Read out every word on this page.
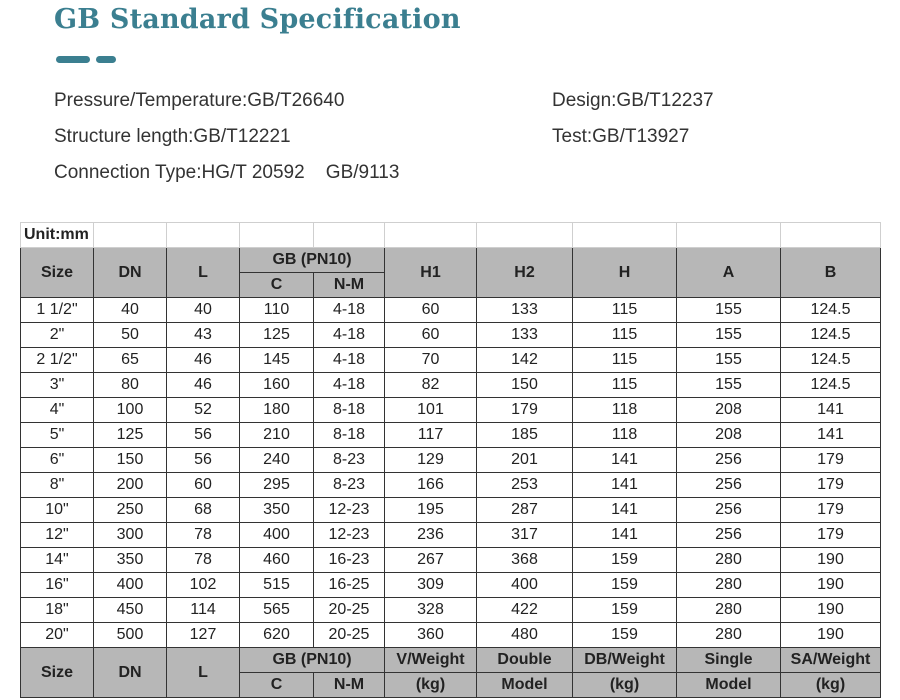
GB Standard Specification
Pressure/Temperature:GB/T26640	Design:GB/T12237
Structure length:GB/T12221	Test:GB/T13927
Connection Type:HG/T 20592    GB/9113
Unit:mm									
Size	DN	L	GB (PN10)		H1	H2	H	A	B
			C	N-M					
1 1/2"	40	40	110	4-18	60	133	115	155	124.5
2"	50	43	125	4-18	60	133	115	155	124.5
2 1/2"	65	46	145	4-18	70	142	115	155	124.5
3"	80	46	160	4-18	82	150	115	155	124.5
4"	100	52	180	8-18	101	179	118	208	141
5"	125	56	210	8-18	117	185	118	208	141
6"	150	56	240	8-23	129	201	141	256	179
8"	200	60	295	8-23	166	253	141	256	179
10"	250	68	350	12-23	195	287	141	256	179
12"	300	78	400	12-23	236	317	141	256	179
14"	350	78	460	16-23	267	368	159	280	190
16"	400	102	515	16-25	309	400	159	280	190
18"	450	114	565	20-25	328	422	159	280	190
20"	500	127	620	20-25	360	480	159	280	190
Size	DN	L	GB (PN10)		V/Weight	Double	DB/Weight	Single	SA/Weight
			C	N-M	(kg)	Model	(kg)	Model	(kg)
